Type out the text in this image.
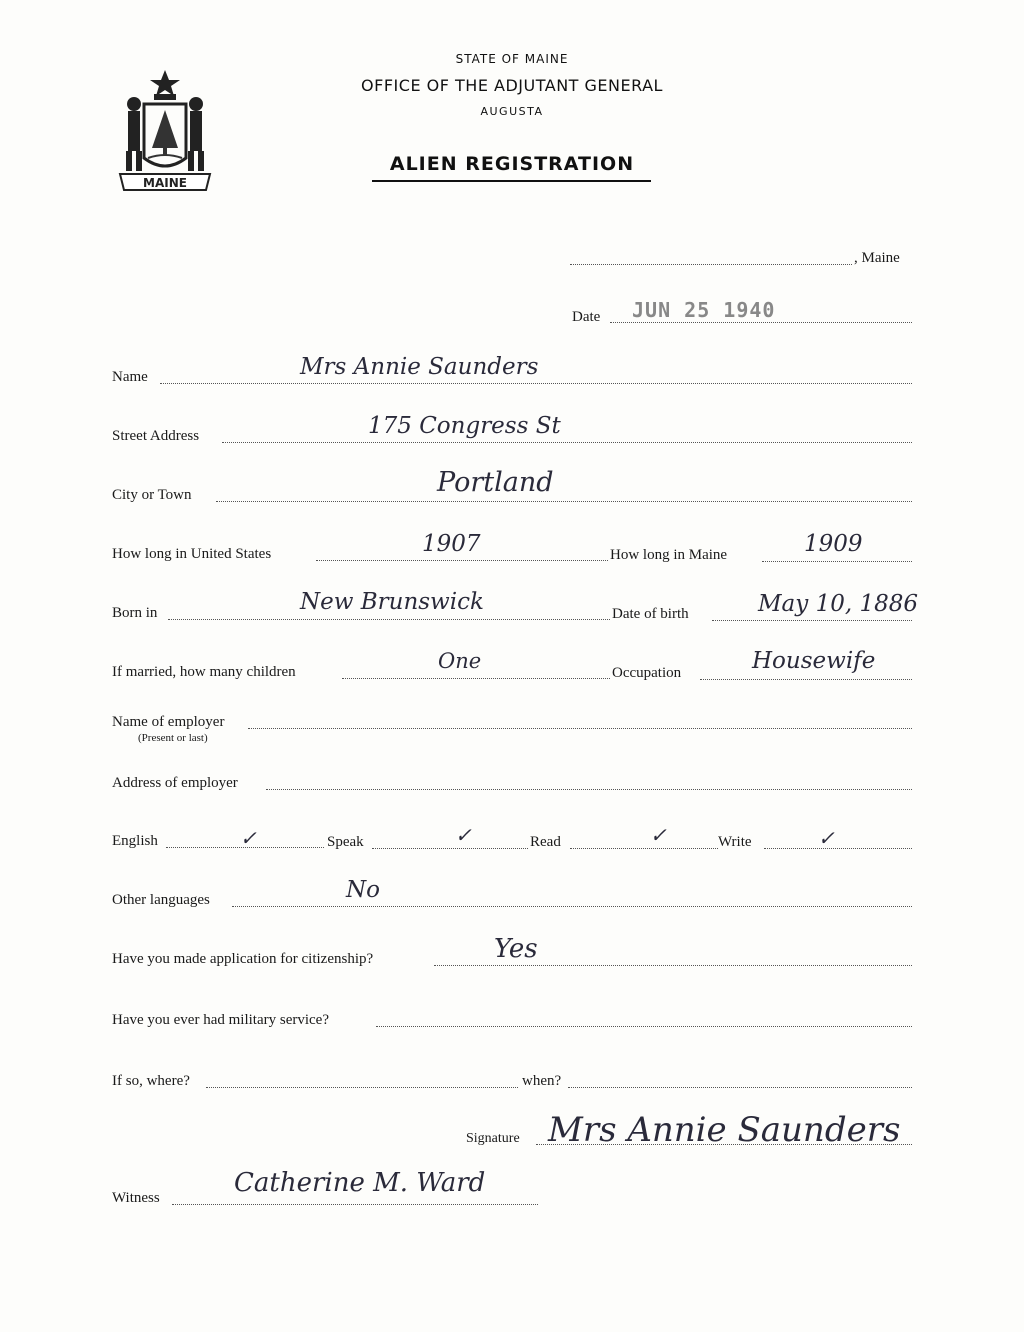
MAINE
STATE OF MAINE
OFFICE OF THE ADJUTANT GENERAL
AUGUSTA
ALIEN REGISTRATION
, Maine
Date JUN 25 1940
Name	Mrs Annie Saunders
Street Address	175 Congress St
City or Town	Portland
How long in United States	1907	How long in Maine	1909
Born in	New Brunswick	Date of birth	May 10, 1886
If married, how many children	One	Occupation	Housewife
Name of employer
(Present or last)
Address of employer
English	✓	Speak	✓	Read	✓	Write	✓
Other languages	No
Have you made application for citizenship?	Yes
Have you ever had military service?
If so, where?	when?
Signature Mrs Annie Saunders
Witness	Catherine M. Ward
